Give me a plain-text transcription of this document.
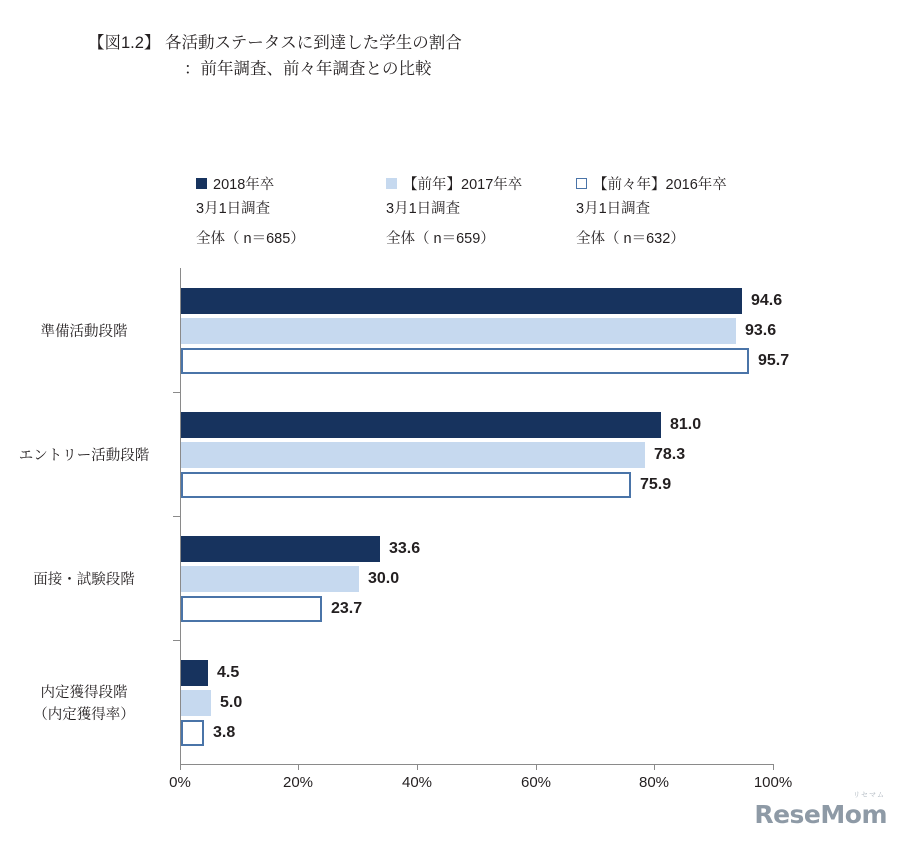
【図1.2】 各活動ステータスに到達した学生の割合
：前年調査、前々年調査との比較
2018年卒
3月1日調査
全体（ n＝685）
【前年】2017年卒
3月1日調査
全体（ n＝659）
【前々年】2016年卒
3月1日調査
全体（ n＝632）
94.6
93.6
95.7
81.0
78.3
75.9
33.6
30.0
23.7
4.5
5.0
3.8
準備活動段階
エントリー活動段階
面接・試験段階
内定獲得段階
（内定獲得率）
0%	20%	40%	60%	80%	100%
リセマム
ReseMom
